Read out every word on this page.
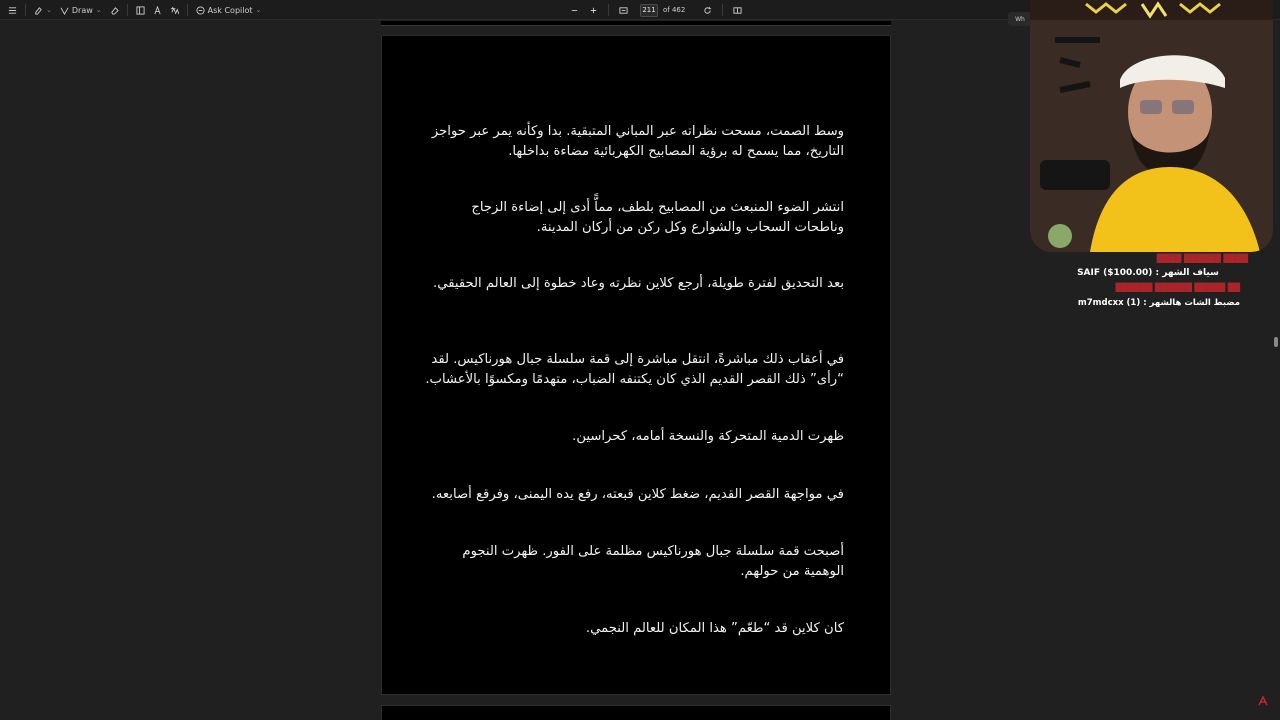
⌄	Draw ⌄	Ask Copilot ⌄	211	of 462

وسط الصمت، مسحت نظراته عبر المباني المتبقية. بدا وكأنه يمر عبر حواجز التاريخ، مما يسمح له برؤية المصابيح الكهربائية مضاءة بداخلها.

انتشر الضوء المنبعث من المصابيح بلطف، مماًّ أدى إلى إضاءة الزجاج وناطحات السحاب والشوارع وكل ركن من أركان المدينة.

بعد التحديق لفترة طويلة، أرجع كلاين نظرته وعاد خطوة إلى العالم الحقيقي.

في أعقاب ذلك مباشرةً، انتقل مباشرة إلى قمة سلسلة جبال هورناكيس. لقد “رأى” ذلك القصر القديم الذي كان يكتنفه الضباب، متهدمًا ومكسوًا بالأعشاب.

ظهرت الدمية المتحركة والنسخة أمامه، كحراسين.

في مواجهة القصر القديم، ضغط كلاين قبعته، رفع يده اليمنى، وفرقع أصابعه.

أصبحت قمة سلسلة جبال هورناكيس مظلمة على الفور. ظهرت النجوم الوهمية من حولهم.

كان كلاين قد “طعّم” هذا المكان للعالم النجمي.

Wh
████ ██████ ████
سياف الشهر : SAIF ($100.00)
██ █████ ██████ ██████
مضبط الشات هالشهر : m7mdcxx (1)
